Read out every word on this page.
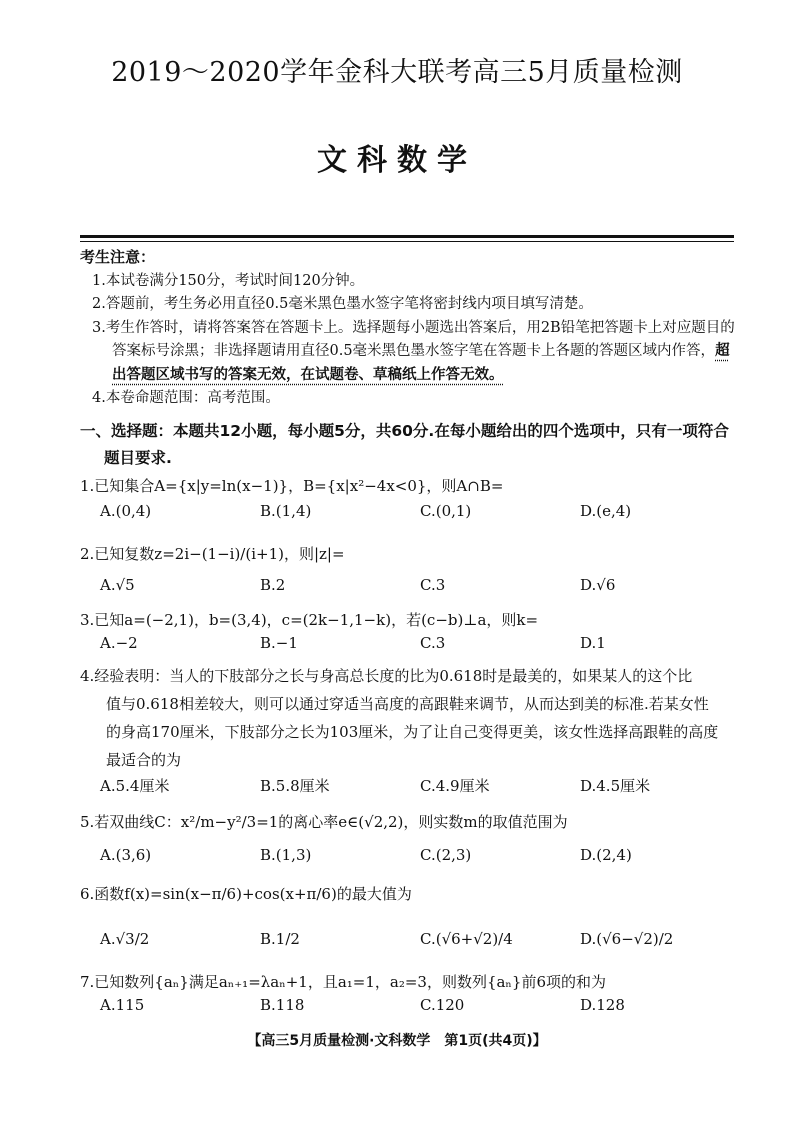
2019～2020学年金科大联考高三5月质量检测
文科数学
考生注意：
1.本试卷满分150分，考试时间120分钟。
2.答题前，考生务必用直径0.5毫米黑色墨水签字笔将密封线内项目填写清楚。
3.考生作答时，请将答案答在答题卡上。选择题每小题选出答案后，用2B铅笔把答题卡上对应题目的答案标号涂黑；非选择题请用直径0.5毫米黑色墨水签字笔在答题卡上各题的答题区域内作答，超出答题区域书写的答案无效，在试题卷、草稿纸上作答无效。
4.本卷命题范围：高考范围。
一、选择题：本题共12小题，每小题5分，共60分.在每小题给出的四个选项中，只有一项符合
题目要求.
1.已知集合A={x|y=ln(x−1)}，B={x|x²−4x<0}，则A∩B=
A.(0,4)	B.(1,4)	C.(0,1)	D.(e,4)
2.已知复数z=2i−(1−i)/(i+1)，则|z|=
A.√5	B.2	C.3	D.√6
3.已知a=(−2,1)，b=(3,4)，c=(2k−1,1−k)，若(c−b)⊥a，则k=
A.−2	B.−1	C.3	D.1
4.经验表明：当人的下肢部分之长与身高总长度的比为0.618时是最美的，如果某人的这个比
值与0.618相差较大，则可以通过穿适当高度的高跟鞋来调节，从而达到美的标准.若某女性
的身高170厘米，下肢部分之长为103厘米，为了让自己变得更美，该女性选择高跟鞋的高度
最适合的为
A.5.4厘米	B.5.8厘米	C.4.9厘米	D.4.5厘米
5.若双曲线C：x²/m−y²/3=1的离心率e∈(√2,2)，则实数m的取值范围为
A.(3,6)	B.(1,3)	C.(2,3)	D.(2,4)
6.函数f(x)=sin(x−π/6)+cos(x+π/6)的最大值为
A.√3/2	B.1/2	C.(√6+√2)/4	D.(√6−√2)/2
7.已知数列{aₙ}满足aₙ₊₁=λaₙ+1，且a₁=1，a₂=3，则数列{aₙ}前6项的和为
A.115	B.118	C.120	D.128
【高三5月质量检测·文科数学　第1页(共4页)】
